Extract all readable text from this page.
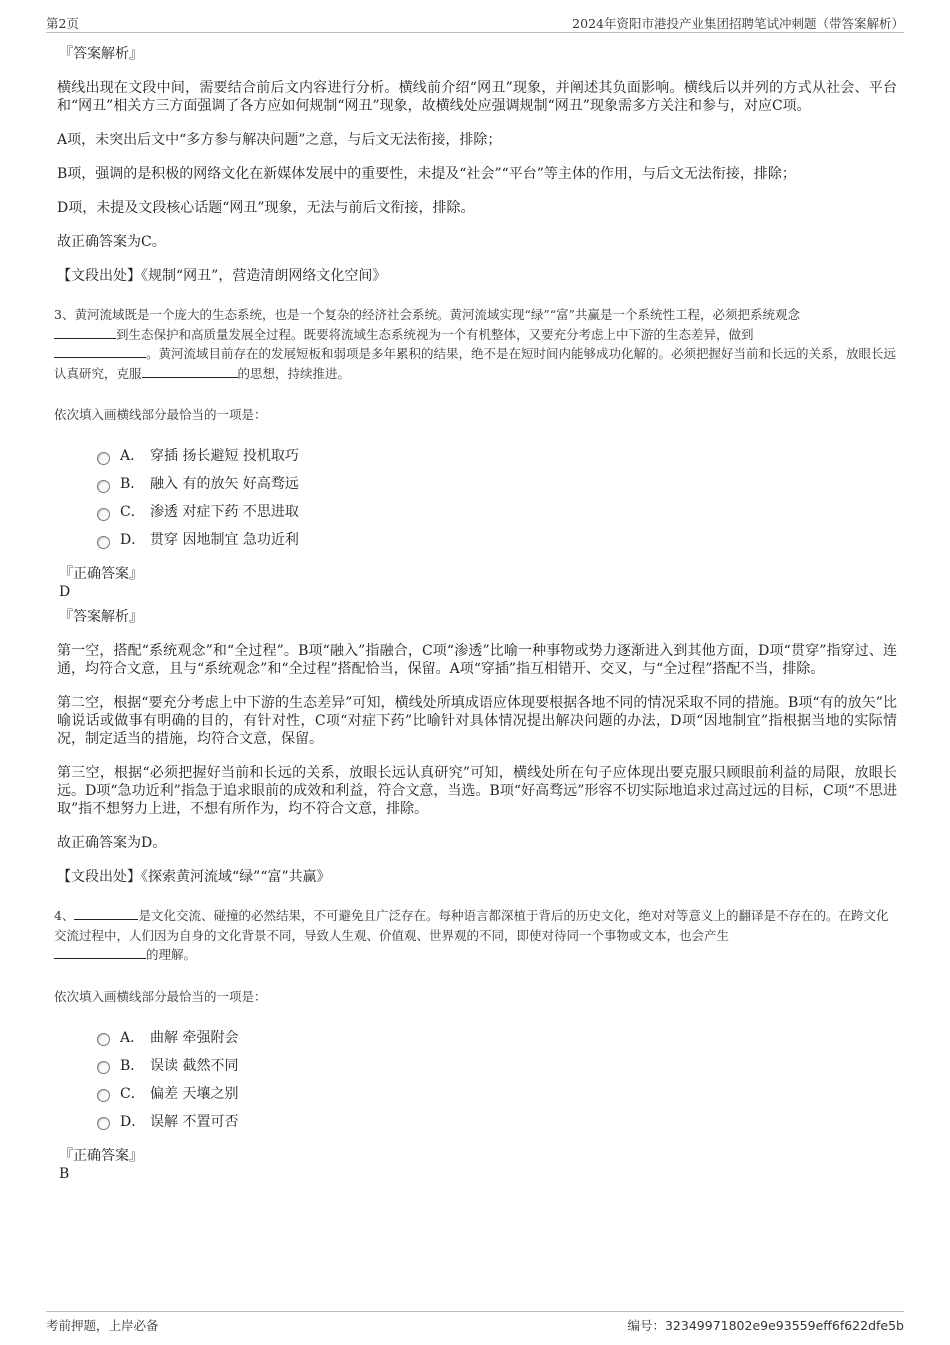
第2页	2024年资阳市港投产业集团招聘笔试冲刺题（带答案解析）
『答案解析』

横线出现在文段中间，需要结合前后文内容进行分析。横线前介绍“网丑”现象，并阐述其负面影响。横线后以并列的方式从社会、平台和“网丑”相关方三方面强调了各方应如何规制“网丑”现象，故横线处应强调规制“网丑”现象需多方关注和参与，对应C项。

A项，未突出后文中“多方参与解决问题”之意，与后文无法衔接，排除；

B项，强调的是积极的网络文化在新媒体发展中的重要性，未提及“社会”“平台”等主体的作用，与后文无法衔接，排除；

D项，未提及文段核心话题“网丑”现象，无法与前后文衔接，排除。

故正确答案为C。

【文段出处】《规制“网丑”，营造清朗网络文化空间》

3、黄河流域既是一个庞大的生态系统，也是一个复杂的经济社会系统。黄河流域实现“绿”“富”共赢是一个系统性工程，必须把系统观念
到生态保护和高质量发展全过程。既要将流域生态系统视为一个有机整体，又要充分考虑上中下游的生态差异，做到
。黄河流域目前存在的发展短板和弱项是多年累积的结果，绝不是在短时间内能够成功化解的。必须把握好当前和长远的关系，放眼长远认真研究，克服	的思想，持续推进。

依次填入画横线部分最恰当的一项是：
A． 穿插 扬长避短 投机取巧
B． 融入 有的放矢 好高骛远
C． 渗透 对症下药 不思进取
D． 贯穿 因地制宜 急功近利
『正确答案』
D
『答案解析』

第一空，搭配“系统观念”和“全过程”。B项“融入”指融合，C项“渗透”比喻一种事物或势力逐渐进入到其他方面，D项“贯穿”指穿过、连通，均符合文意，且与“系统观念”和“全过程”搭配恰当，保留。A项“穿插”指互相错开、交叉，与“全过程”搭配不当，排除。

第二空，根据“要充分考虑上中下游的生态差异”可知，横线处所填成语应体现要根据各地不同的情况采取不同的措施。B项“有的放矢”比喻说话或做事有明确的目的，有针对性，C项“对症下药”比喻针对具体情况提出解决问题的办法，D项“因地制宜”指根据当地的实际情况，制定适当的措施，均符合文意，保留。

第三空，根据“必须把握好当前和长远的关系，放眼长远认真研究”可知，横线处所在句子应体现出要克服只顾眼前利益的局限，放眼长远。D项“急功近利”指急于追求眼前的成效和利益，符合文意，当选。B项“好高骛远”形容不切实际地追求过高过远的目标，C项“不思进取”指不想努力上进，不想有所作为，均不符合文意，排除。

故正确答案为D。

【文段出处】《探索黄河流域“绿”“富”共赢》

4、	是文化交流、碰撞的必然结果，不可避免且广泛存在。每种语言都深植于背后的历史文化，绝对对等意义上的翻译是不存在的。在跨文化交流过程中，人们因为自身的文化背景不同，导致人生观、价值观、世界观的不同，即使对待同一个事物或文本，也会产生
的理解。

依次填入画横线部分最恰当的一项是：
A． 曲解 牵强附会
B． 误读 截然不同
C． 偏差 天壤之别
D． 误解 不置可否
『正确答案』
B
考前押题，上岸必备	编号：32349971802e9e93559eff6f622dfe5b
